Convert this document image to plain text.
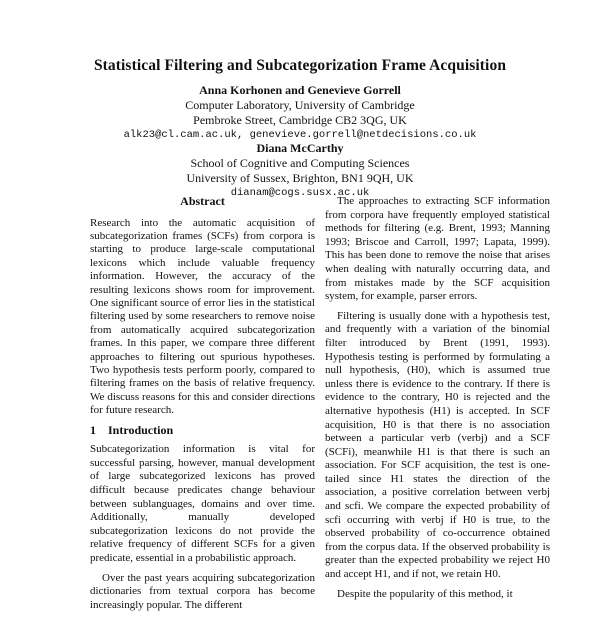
Statistical Filtering and Subcategorization Frame Acquisition
Anna Korhonen and Genevieve Gorrell
Computer Laboratory, University of Cambridge
Pembroke Street, Cambridge CB2 3QG, UK
alk23@cl.cam.ac.uk, genevieve.gorrell@netdecisions.co.uk
Diana McCarthy
School of Cognitive and Computing Sciences
University of Sussex, Brighton, BN1 9QH, UK
dianam@cogs.susx.ac.uk
Abstract

Research into the automatic acquisition of subcategorization frames (SCFs) from corpora is starting to produce large-scale computational lexicons which include valuable frequency information. However, the accuracy of the resulting lexicons shows room for improvement. One significant source of error lies in the statistical filtering used by some researchers to remove noise from automatically acquired subcategorization frames. In this paper, we compare three different approaches to filtering out spurious hypotheses. Two hypothesis tests perform poorly, compared to filtering frames on the basis of relative frequency. We discuss reasons for this and consider directions for future research.

1 Introduction

Subcategorization information is vital for successful parsing, however, manual development of large subcategorized lexicons has proved difficult because predicates change behaviour between sublanguages, domains and over time. Additionally, manually developed subcategorization lexicons do not provide the relative frequency of different SCFs for a given predicate, essential in a probabilistic approach.

Over the past years acquiring subcategorization dictionaries from textual corpora has become increasingly popular. The different

The approaches to extracting SCF information from corpora have frequently employed statistical methods for filtering (e.g. Brent, 1993; Manning 1993; Briscoe and Carroll, 1997; Lapata, 1999). This has been done to remove the noise that arises when dealing with naturally occurring data, and from mistakes made by the SCF acquisition system, for example, parser errors.

Filtering is usually done with a hypothesis test, and frequently with a variation of the binomial filter introduced by Brent (1991, 1993). Hypothesis testing is performed by formulating a null hypothesis, (H0), which is assumed true unless there is evidence to the contrary. If there is evidence to the contrary, H0 is rejected and the alternative hypothesis (H1) is accepted. In SCF acquisition, H0 is that there is no association between a particular verb (verbj) and a SCF (SCFi), meanwhile H1 is that there is such an association. For SCF acquisition, the test is one-tailed since H1 states the direction of the association, a positive correlation between verbj and scfi. We compare the expected probability of scfi occurring with verbj if H0 is true, to the observed probability of co-occurrence obtained from the corpus data. If the observed probability is greater than the expected probability we reject H0 and accept H1, and if not, we retain H0.

Despite the popularity of this method, it
